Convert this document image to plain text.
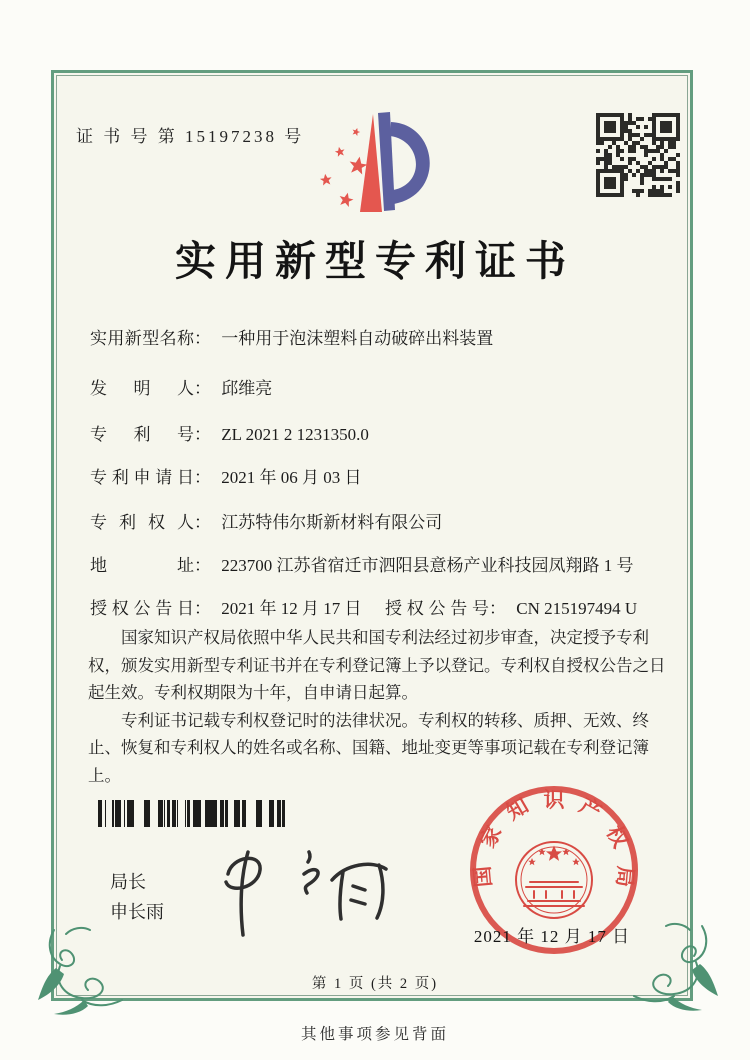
证 书 号 第 15197238 号
实用新型专利证书
实用新型名称： 一种用于泡沫塑料自动破碎出料装置
发明人： 邱维亮
专利号： ZL 2021 2 1231350.0
专利申请日： 2021 年 06 月 03 日
专利权人： 江苏特伟尔斯新材料有限公司
地址： 223700 江苏省宿迁市泗阳县意杨产业科技园凤翔路 1 号
授权公告日： 2021 年 12 月 17 日 授权公告号： CN 215197494 U

国家知识产权局依照中华人民共和国专利法经过初步审查，决定授予专利权，颁发实用新型专利证书并在专利登记簿上予以登记。专利权自授权公告之日起生效。专利权期限为十年，自申请日起算。

专利证书记载专利权登记时的法律状况。专利权的转移、质押、无效、终止、恢复和专利权人的姓名或名称、国籍、地址变更等事项记载在专利登记簿上。

局长
申长雨
国
家
知 识 产
权
局
2021 年 12 月 17 日
第 1 页 (共 2 页)
其他事项参见背面
